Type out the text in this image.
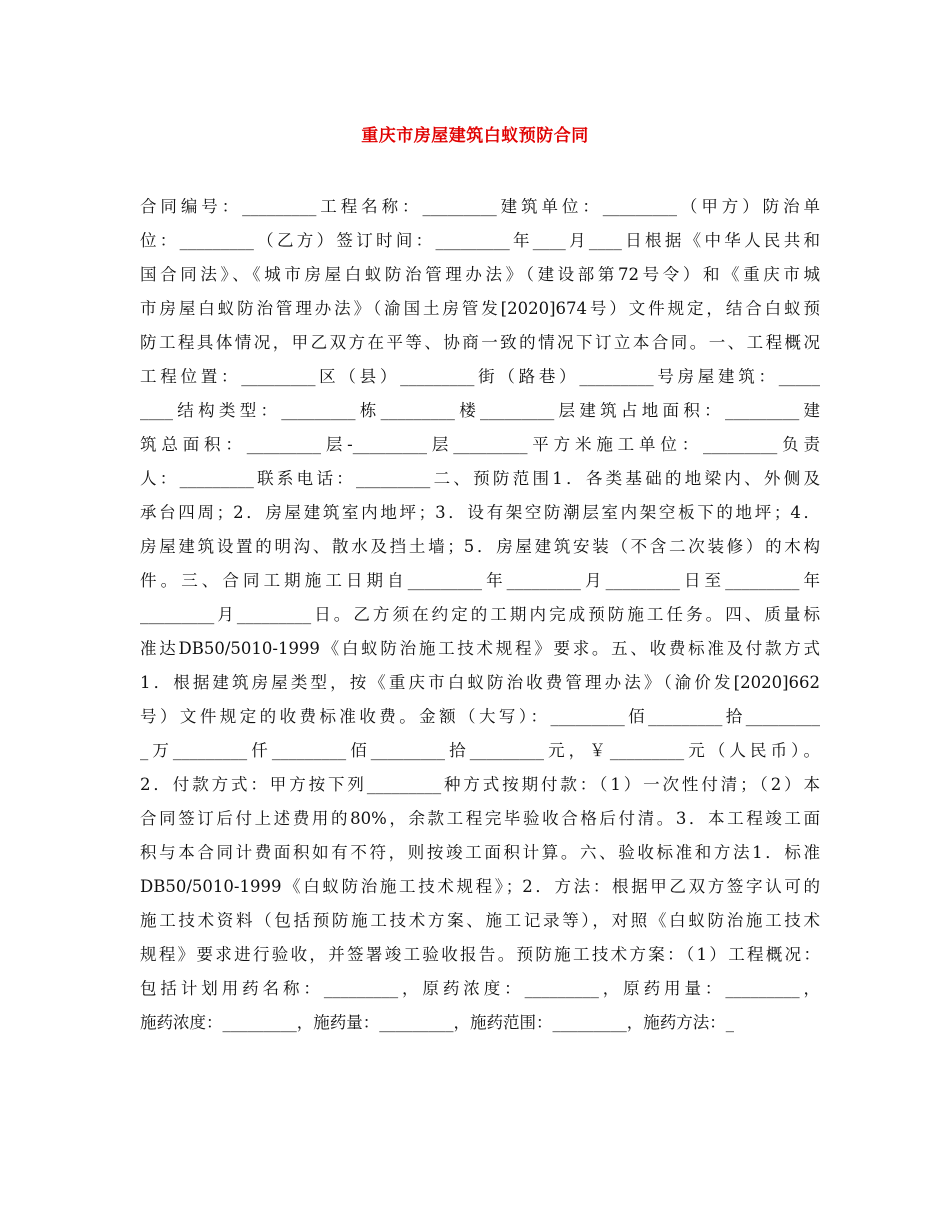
重庆市房屋建筑白蚁预防合同
合同编号：_________工程名称：_________建筑单位：_________（甲方）防治单
位：_________（乙方）签订时间：_________年____月____日根据《中华人民共和
国合同法》、《城市房屋白蚁防治管理办法》（建设部第72号令）和《重庆市城
市房屋白蚁防治管理办法》（渝国土房管发[2020]674号）文件规定，结合白蚁预
防工程具体情况，甲乙双方在平等、协商一致的情况下订立本合同。一、工程概况
工程位置：_________区（县）_________街（路巷）_________号房屋建筑：_____
____结构类型：_________栋_________楼_________层建筑占地面积：_________建
筑总面积：_________层-_________层_________平方米施工单位：_________负责
人：_________联系电话：_________二、预防范围1．各类基础的地梁内、外侧及
承台四周；2．房屋建筑室内地坪；3．设有架空防潮层室内架空板下的地坪；4．
房屋建筑设置的明沟、散水及挡土墙；5．房屋建筑安装（不含二次装修）的木构
件。三、合同工期施工日期自_________年_________月_________日至_________年
_________月_________日。乙方须在约定的工期内完成预防施工任务。四、质量标
准达DB50/5010-1999《白蚁防治施工技术规程》要求。五、收费标准及付款方式
1．根据建筑房屋类型，按《重庆市白蚁防治收费管理办法》（渝价发[2020]662
号）文件规定的收费标准收费。金额（大写）：_________佰_________拾_________
_万_________仟_________佰_________拾_________元，￥_________元（人民币）。
2．付款方式：甲方按下列_________种方式按期付款：（1）一次性付清；（2）本
合同签订后付上述费用的80%，余款工程完毕验收合格后付清。3．本工程竣工面
积与本合同计费面积如有不符，则按竣工面积计算。六、验收标准和方法1．标准
DB50/5010-1999《白蚁防治施工技术规程》；2．方法：根据甲乙双方签字认可的
施工技术资料（包括预防施工技术方案、施工记录等），对照《白蚁防治施工技术
规程》要求进行验收，并签署竣工验收报告。预防施工技术方案：（1）工程概况：
包括计划用药名称：_________，原药浓度：_________，原药用量：_________，
施药浓度：_________，施药量：_________，施药范围：_________，施药方法：_
